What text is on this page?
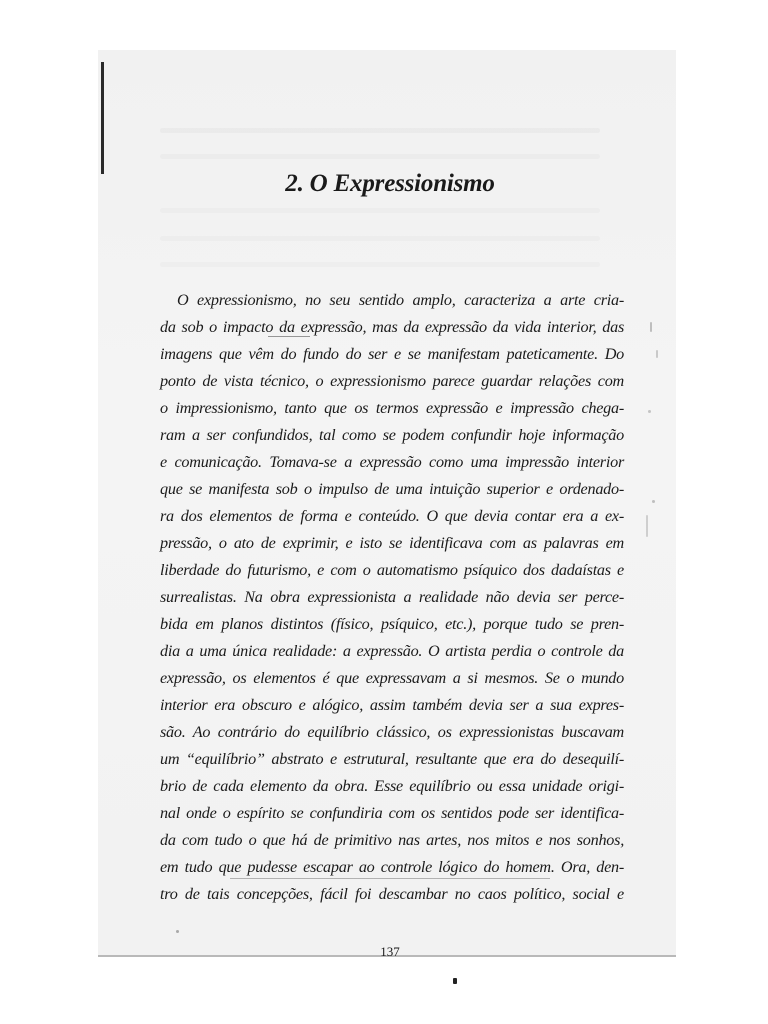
2. O Expressionismo
O expressionismo, no seu sentido amplo, caracteriza a arte cria-
da sob o impacto da expressão, mas da expressão da vida interior, das
imagens que vêm do fundo do ser e se manifestam pateticamente. Do
ponto de vista técnico, o expressionismo parece guardar relações com
o impressionismo, tanto que os termos expressão e impressão chega-
ram a ser confundidos, tal como se podem confundir hoje informação
e comunicação. Tomava-se a expressão como uma impressão interior
que se manifesta sob o impulso de uma intuição superior e ordenado-
ra dos elementos de forma e conteúdo. O que devia contar era a ex-
pressão, o ato de exprimir, e isto se identificava com as palavras em
liberdade do futurismo, e com o automatismo psíquico dos dadaístas e
surrealistas. Na obra expressionista a realidade não devia ser perce-
bida em planos distintos (físico, psíquico, etc.), porque tudo se pren-
dia a uma única realidade: a expressão. O artista perdia o controle da
expressão, os elementos é que expressavam a si mesmos. Se o mundo
interior era obscuro e alógico, assim também devia ser a sua expres-
são. Ao contrário do equilíbrio clássico, os expressionistas buscavam
um “equilíbrio” abstrato e estrutural, resultante que era do desequilí-
brio de cada elemento da obra. Esse equilíbrio ou essa unidade origi-
nal onde o espírito se confundiria com os sentidos pode ser identifica-
da com tudo o que há de primitivo nas artes, nos mitos e nos sonhos,
em tudo que pudesse escapar ao controle lógico do homem. Ora, den-
tro de tais concepções, fácil foi descambar no caos político, social e

137
